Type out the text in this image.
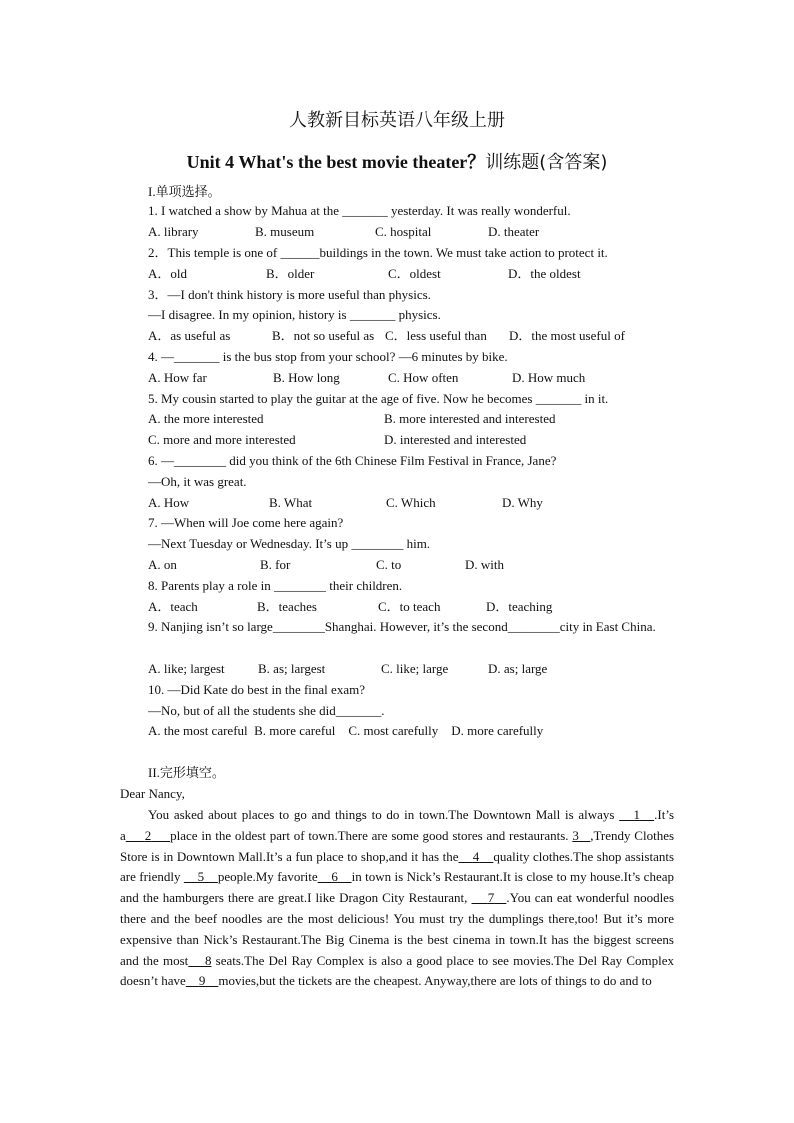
人教新目标英语八年级上册
Unit 4 What's the best movie theater？训练题(含答案)
I.单项选择。
1. I watched a show by Mahua at the _______ yesterday. It was really wonderful.
A. library	B. museum	C. hospital	D. theater
2．This temple is one of ______buildings in the town. We must take action to protect it.
A．old	B．older	C．oldest	D．the oldest
3．—I don't think history is more useful than physics.
—I disagree. In my opinion, history is _______ physics.
A．as useful as	B．not so useful as C．less useful than D．the most useful of
4. —_______ is the bus stop from your school? —6 minutes by bike.
A. How far	B. How long	C. How often	D. How much
5. My cousin started to play the guitar at the age of five. Now he becomes _______ in it.
A. the more interested	B. more interested and interested
C. more and more interested	D. interested and interested
6. —________ did you think of the 6th Chinese Film Festival in France, Jane?
—Oh, it was great.
A. How	B. What	C. Which	D. Why
7. —When will Joe come here again?
—Next Tuesday or Wednesday. It’s up ________ him.
A. on	B. for	C. to	D. with
8. Parents play a role in ________ their children.
A．teach	B．teaches	C．to teach	D．teaching
9. Nanjing isn’t so large________Shanghai. However, it’s the second________city in East China.
A. like; largest	B. as; largest	C. like; large	D. as; large
10. —Did Kate do best in the final exam?
—No, but of all the students she did_______.
A. the most careful  B. more careful    C. most carefully    D. more carefully
II.完形填空。
Dear Nancy,
You asked about places to go and things to do in town.The Downtown Mall is always    1 .It’s a 2 place in the oldest part of town.There are some good stores and restaurants. 3 ,Trendy Clothes Store is in Downtown Mall.It’s a fun place to shop,and it has the 4 quality clothes.The shop assistants are friendly     5 people.My favorite 6 in town is Nick’s Restaurant.It is close to my house.It’s cheap and the hamburgers there are great.I like Dragon City Restaurant,     7 .You can eat wonderful noodles there and the beef noodles are the most delicious! You must try the dumplings there,too! But it’s more expensive than Nick’s Restaurant.The Big Cinema is the best cinema in town.It has the biggest screens and the most 8 seats.The Del Ray Complex is also a good place to see movies.The Del Ray Complex doesn’t have 9 movies,but the tickets are the cheapest. Anyway,there are lots of things to do and to
